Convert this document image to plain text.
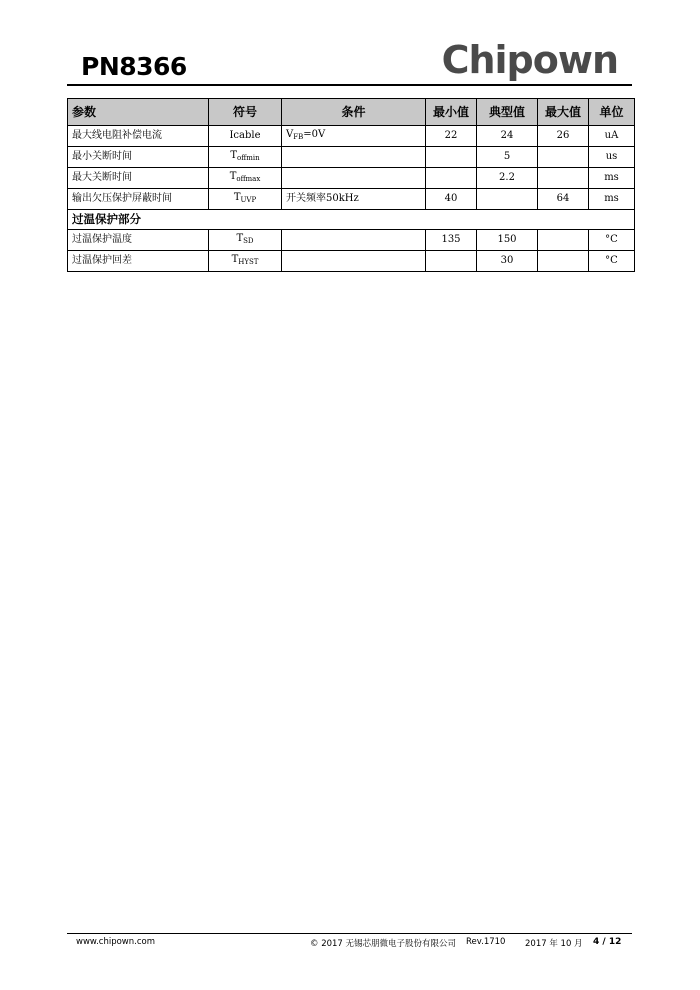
PN8366	Chipown
参数	符号	条件	最小值	典型值	最大值	单位
最大线电阻补偿电流	Icable	$V_{FB}=0V$	22	24	26	uA
最小关断时间	$T_{offmin}$			5		us
最大关断时间	$T_{offmax}$			2.2		ms
输出欠压保护屏蔽时间	$T_{UVP}$	开关频率50kHz	40		64	ms
过温保护部分						
过温保护温度	$T_{SD}$		135	150		°C
过温保护回差	$T_{HYST}$			30		°C
www.chipown.com	© 2017 无锡芯朋微电子股份有限公司 Rev.1710 2017 年 10 月 4 / 12
